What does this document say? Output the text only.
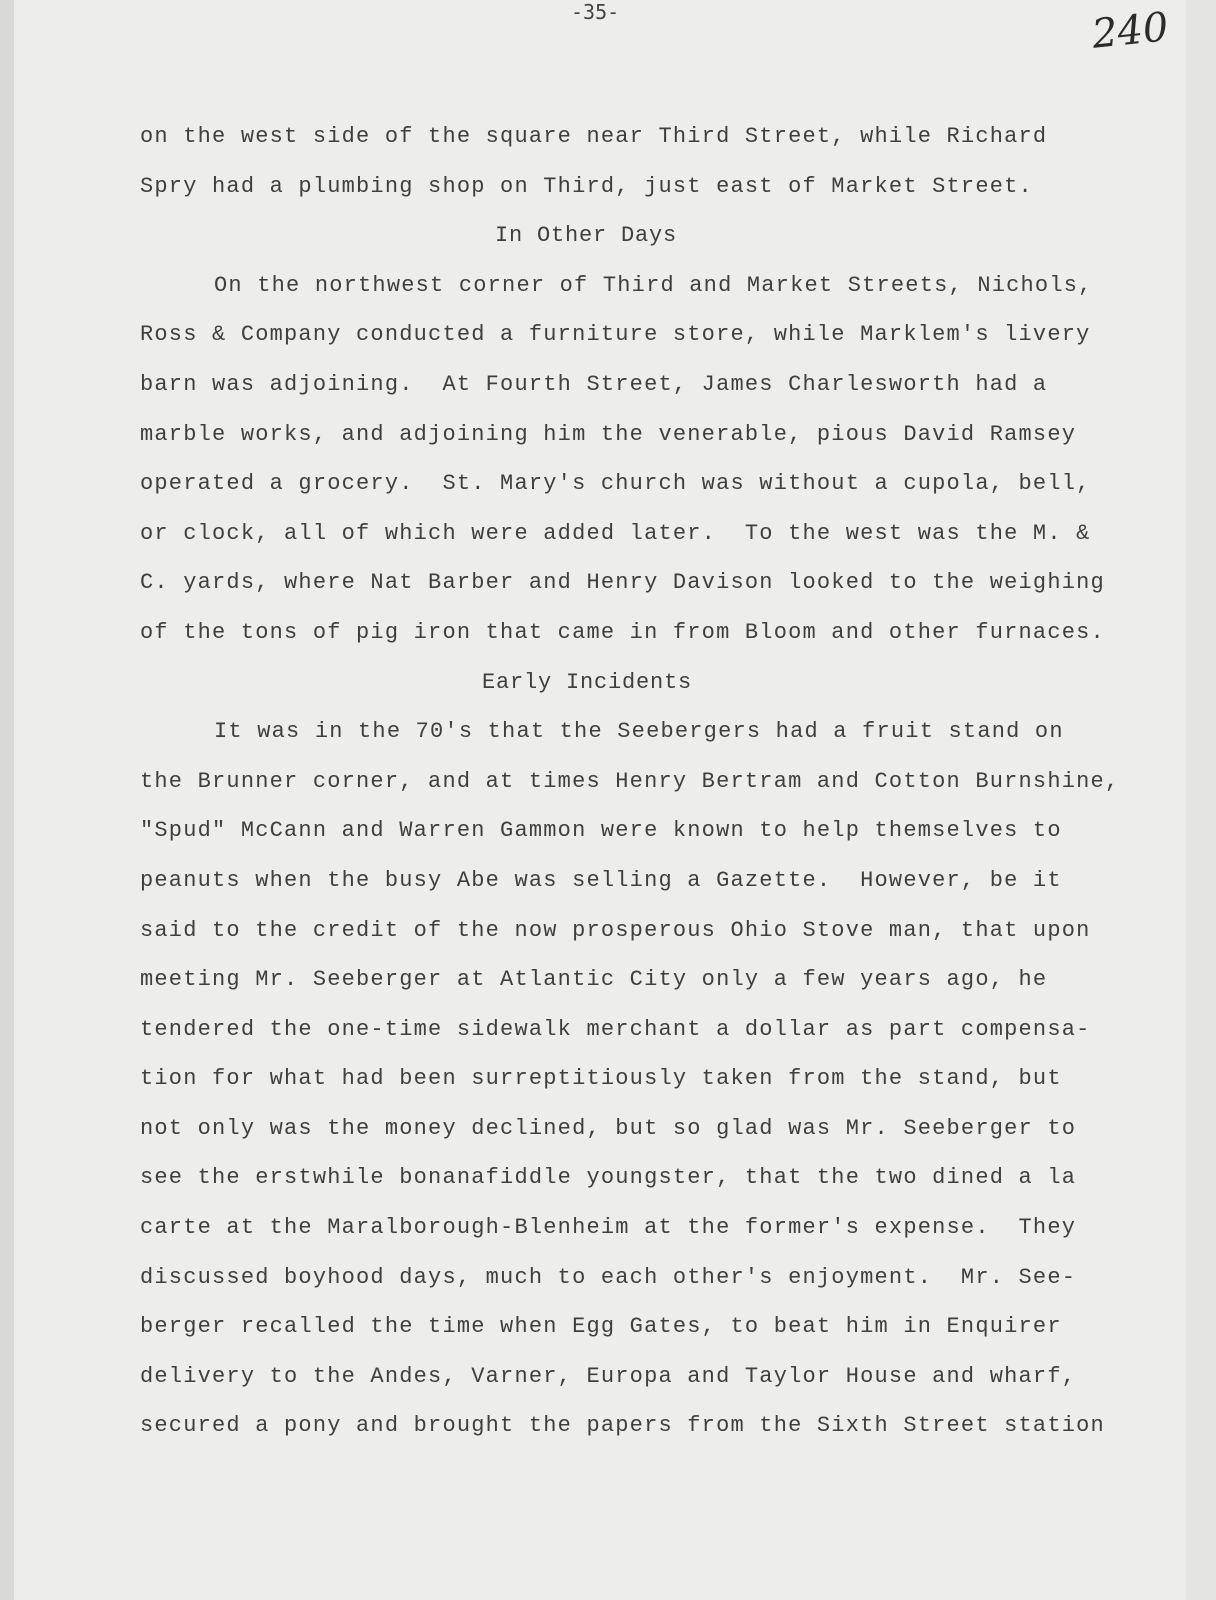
-35-	240
on the west side of the square near Third Street, while Richard
Spry had a plumbing shop on Third, just east of Market Street.
In Other Days
On the northwest corner of Third and Market Streets, Nichols,
Ross & Company conducted a furniture store, while Marklem's livery
barn was adjoining.  At Fourth Street, James Charlesworth had a
marble works, and adjoining him the venerable, pious David Ramsey
operated a grocery.  St. Mary's church was without a cupola, bell,
or clock, all of which were added later.  To the west was the M. &
C. yards, where Nat Barber and Henry Davison looked to the weighing
of the tons of pig iron that came in from Bloom and other furnaces.
Early Incidents
It was in the 70's that the Seebergers had a fruit stand on
the Brunner corner, and at times Henry Bertram and Cotton Burnshine,
"Spud" McCann and Warren Gammon were known to help themselves to
peanuts when the busy Abe was selling a Gazette.  However, be it
said to the credit of the now prosperous Ohio Stove man, that upon
meeting Mr. Seeberger at Atlantic City only a few years ago, he
tendered the one-time sidewalk merchant a dollar as part compensa-
tion for what had been surreptitiously taken from the stand, but
not only was the money declined, but so glad was Mr. Seeberger to
see the erstwhile bonanafiddle youngster, that the two dined a la
carte at the Maralborough-Blenheim at the former's expense.  They
discussed boyhood days, much to each other's enjoyment.  Mr. See-
berger recalled the time when Egg Gates, to beat him in Enquirer
delivery to the Andes, Varner, Europa and Taylor House and wharf,
secured a pony and brought the papers from the Sixth Street station
